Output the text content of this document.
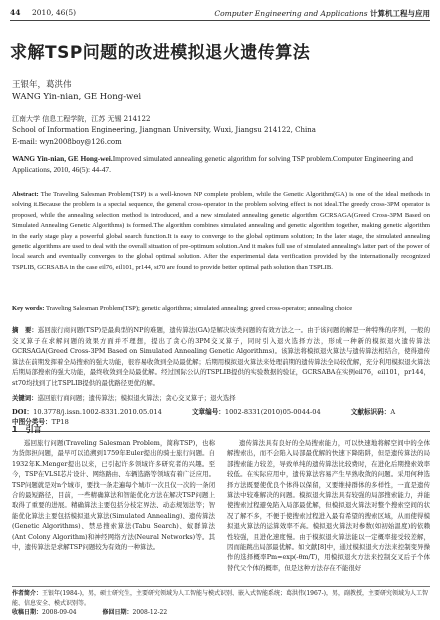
44 2010, 46(5)	Computer Engineering and Applications 计算机工程与应用
求解TSP问题的改进模拟退火遗传算法
王银年，葛洪伟
WANG Yin-nian, GE Hong-wei
江南大学 信息工程学院，江苏 无锡 214122
School of Information Engineering, Jiangnan University, Wuxi, Jiangsu 214122, China
E-mail: wyn2008boy@126.com
WANG Yin-nian, GE Hong-wei.Improved simulated annealing genetic algorithm for solving TSP problem.Computer Engineering and Applications, 2010, 46(5): 44-47.
Abstract: The Traveling Salesman Problem(TSP) is a well-known NP complete problem, while the Genetic Algorithm(GA) is one of the ideal methods in solving it.Because the problem is a special sequence, the general cross-operator in the problem solving effect is not ideal.The greedy cross-3PM operator is proposed, while the annealing selection method is introduced, and a new simulated annealing genetic algorithm GCRSAGA(Greed Cross-3PM Based on Simulated Annealing Genetic Algorithms) is formed.The algorithm combines simulated annealing and genetic algorithm together, making genetic algorithm in the early stage play a powerful global search function.It is easy to converge to the global optimum solution; In the later stage, the simulated annealing genetic algorithms are used to deal with the overall situation of pre-optimum solution.And it makes full use of simulated annealing's latter part of the power of local search and eventually converges to the global optimal solution. After the experimental data verification provided by the internationally recognized TSPLIB, GCRSABA in the case eil76, eil101, pr144, st70 are found to provide better optimal path solution than TSPLIB.
Key words: Traveling Salesman Problem(TSP); genetic algorithms; simulated annealing; greed cross-operator; annealing choice
摘　要：巡回旅行商问题(TSP)是最典型的NP的难题，遗传算法(GA)是解决该类问题的有效方法之一。由于该问题的解是一种特殊的序列，一般的交叉算子在求解问题的效果方面并不理想，提出了贪心的3PM交叉算子，同时引入退火选择方法，形成一种新的模拟退火遗传算法GCRSAGA(Greed Cross-3PM Based on Simulated Annealing Genetic Algorithms)。该算法将模拟退火算法与遗传算法相结合，使得遗传算法在前期发挥着全局搜索的强大功能，很容易收敛到全局最优解；后期用模拟退火算法来处理前期的遗传算法全局较优解，充分利用模拟退火算法后期局部搜索的强大功能，最终收敛到全局最优解。经过国际公认的TSPLIB提供的实验数据的验证，GCRSABA在实例eil76，eil101，pr144，st70均找到了比TSPLIB提供的最优路径更优的解。
关键词：巡回旅行商问题；遗传算法；模拟退火算法；贪心交叉算子；退火选择
DOI：10.3778/j.issn.1002-8331.2010.05.014	文章编号：1002-8331(2010)05-0044-04	文献标识码：A 中图分类号：TP18
1　引言
巡回旅行问题(Traveling Salesman Problem，简称TSP)，也称为货郎担问题，最早可以追溯到1759年Euler提出的骑士旅行问题。自1932年K.Menger提出以来，已引起许多领域许多研究者的兴趣。至今，TSP在VLSI芯片设计、网络路由、车辆选路等领域有着广泛应用。TSP问题就是对n个城市，要找一条走遍每个城市一次且仅一次的一条闭合的最短路径，目前，一些精确算法和智能优化方法在解决TSP问题上取得了重要的进展。精确算法主要包括分枝定界法、动态规划法等；智能优化算法主要包括模拟退火算法(Simulated Annealing)、遗传算法(Genetic Algorithms)、禁忌搜索算法(Tabu Search)、蚁群算法(Ant Colony Algorithm)和神经网络方法(Neural Networks)等。其中，遗传算法是求解TSP问题较为有效的一种算法。
遗传算法具有良好的全局搜索能力，可以快速地将解空间中的全体解搜索出，而不会陷入局部最优解的快速下降陷阱，但是遗传算法的局部搜索能力较差，导致单纯的遗传算法比较费时，在进化后期搜索效率较低。在实际应用中，遗传算法容易产生早熟收敛的问题。采用何种选择方法既要使优良个体得以保留，又要维持群体的多样性，一直是遗传算法中较难解决的问题。模拟退火算法具有较强的局部搜索能力，并能使搜索过程避免陷入局部最优解，但模拟退火算法对整个搜索空间的状况了解不多，不便于使搜索过程进入最有希望的搜索区域，从而使得模拟退火算法的运算效率不高。模拟退火算法对参数(如初始温度)的依赖性较强，且进化速度慢。由于模拟退火算法能以一定概率接受较差解，因而能跳出局部最优解。如文献[8]中，通过模拟退火方法来控制变异操作的选择概率Pm=exp(-θm/T)，用模拟退火方法来控制交叉后子个体替代父个体的概率，但是这种方法存在不能很好
作者简介：王银年(1984-)，男，硕士研究生，主要研究领域为人工智能与模式识别、嵌入式智能系统；葛洪伟(1967-)，男，副教授，主要研究领域为人工智能、信息安全、模式识别等。
收稿日期：2008-09-04	修回日期：2008-12-22
